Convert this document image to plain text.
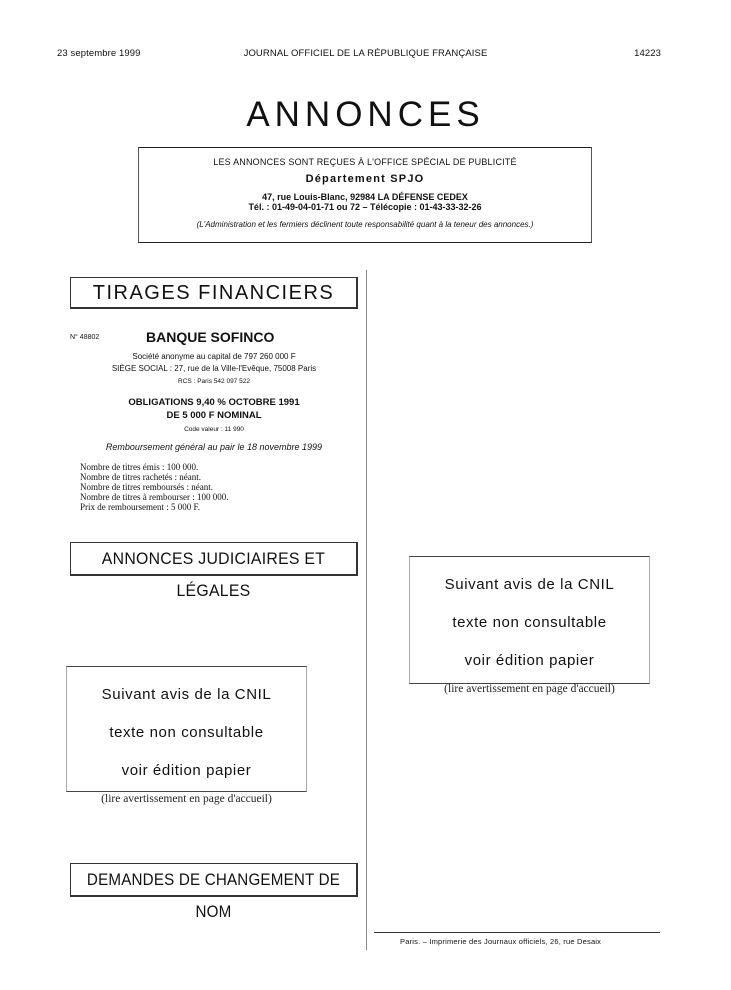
JOURNAL OFFICIEL DE LA RÉPUBLIQUE FRANÇAISE
23 septembre 1999	14223
ANNONCES
LES ANNONCES SONT REÇUES À L'OFFICE SPÉCIAL DE PUBLICITÉ
Département SPJO
47, rue Louis-Blanc, 92984 LA DÉFENSE CEDEX
Tél. : 01-49-04-01-71 ou 72 – Télécopie : 01-43-33-32-26
(L'Administration et les fermiers déclinent toute responsabilité quant à la teneur des annonces.)
TIRAGES FINANCIERS
N° 48802	BANQUE SOFINCO
Société anonyme au capital de 797 260 000 F
SIÈGE SOCIAL : 27, rue de la Ville-l'Evêque, 75008 Paris
RCS : Paris 542 097 522
OBLIGATIONS 9,40 % OCTOBRE 1991
DE 5 000 F NOMINAL
Code valeur : 11 990
Remboursement général au pair le 18 novembre 1999
Nombre de titres émis : 100 000.
Nombre de titres rachetés : néant.
Nombre de titres remboursés : néant.
Nombre de titres à rembourser : 100 000.
Prix de remboursement : 5 000 F.
ANNONCES JUDICIAIRES ET LÉGALES	Suivant avis de la CNIL
texte non consultable
voir édition papier
(lire avertissement en page d'accueil)
Suivant avis de la CNIL
texte non consultable
voir édition papier
(lire avertissement en page d'accueil)
DEMANDES DE CHANGEMENT DE NOM
Paris. – Imprimerie des Journaux officiels, 26, rue Desaix
